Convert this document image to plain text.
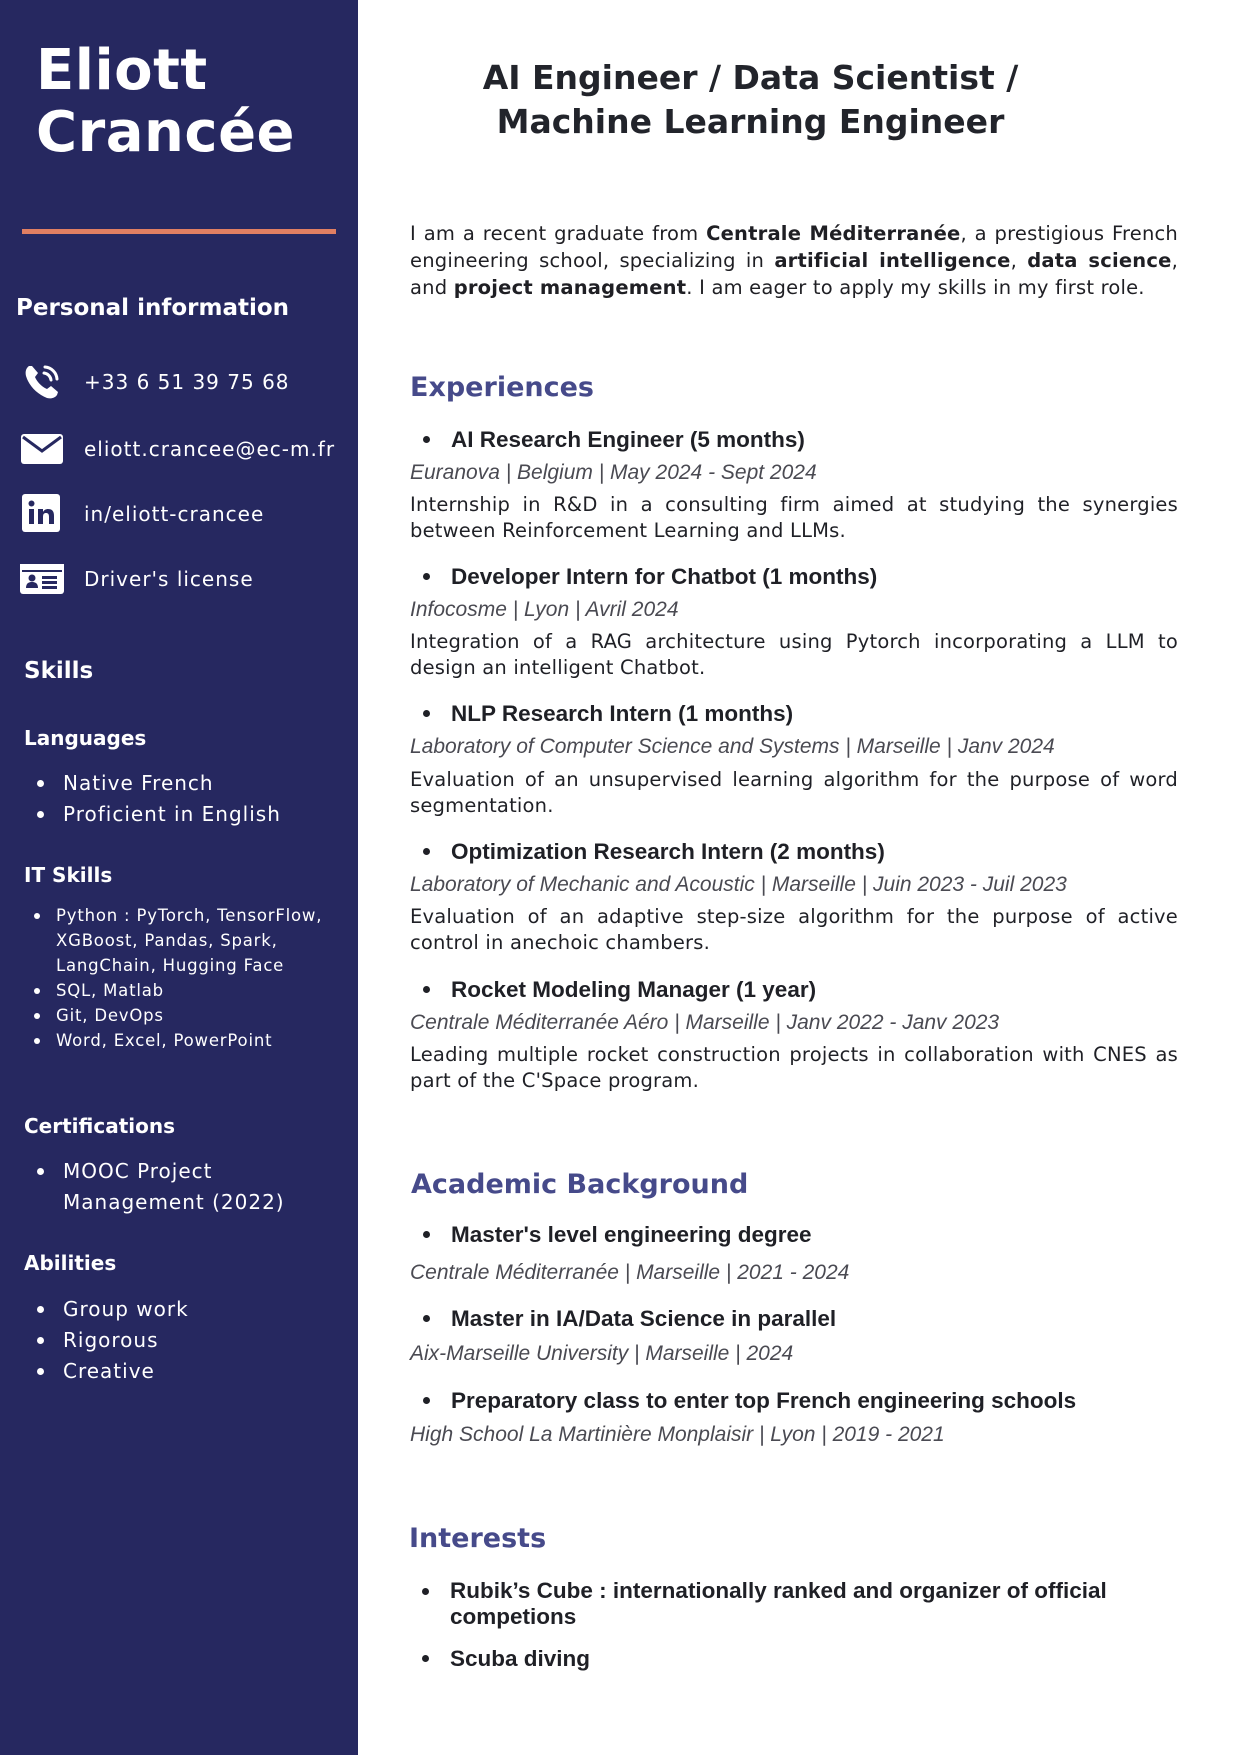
Eliott
Crancée
Personal information
+33 6 51 39 75 68
eliott.crancee@ec-m.fr
in/eliott-crancee
Driver's license
Skills
Languages
Native French
Proficient in English
IT Skills
Python : PyTorch, TensorFlow, XGBoost, Pandas, Spark, LangChain, Hugging Face
SQL, Matlab
Git, DevOps
Word, Excel, PowerPoint
Certifications
MOOC Project Management (2022)
Abilities
Group work
Rigorous
Creative
AI Engineer / Data Scientist / Machine Learning Engineer

I am a recent graduate from Centrale Méditerranée, a prestigious French engineering school, specializing in artificial intelligence, data science, and project management. I am eager to apply my skills in my first role.

Experiences
AI Research Engineer (5 months)
Euranova | Belgium | May 2024 - Sept 2024

Internship in R&D in a consulting firm aimed at studying the synergies between Reinforcement Learning and LLMs.

Developer Intern for Chatbot (1 months)
Infocosme | Lyon | Avril 2024

Integration of a RAG architecture using Pytorch incorporating a LLM to design an intelligent Chatbot.

NLP Research Intern (1 months)
Laboratory of Computer Science and Systems | Marseille | Janv 2024

Evaluation of an unsupervised learning algorithm for the purpose of word segmentation.

Optimization Research Intern (2 months)
Laboratory of Mechanic and Acoustic | Marseille | Juin 2023 - Juil 2023

Evaluation of an adaptive step-size algorithm for the purpose of active control in anechoic chambers.

Rocket Modeling Manager (1 year)
Centrale Méditerranée Aéro | Marseille | Janv 2022 - Janv 2023

Leading multiple rocket construction projects in collaboration with CNES as part of the C'Space program.

Academic Background
Master's level engineering degree
Centrale Méditerranée | Marseille | 2021 - 2024
Master in IA/Data Science in parallel
Aix-Marseille University | Marseille | 2024
Preparatory class to enter top French engineering schools
High School La Martinière Monplaisir | Lyon | 2019 - 2021
Interests
Rubik’s Cube : internationally ranked and organizer of official competions
Scuba diving
